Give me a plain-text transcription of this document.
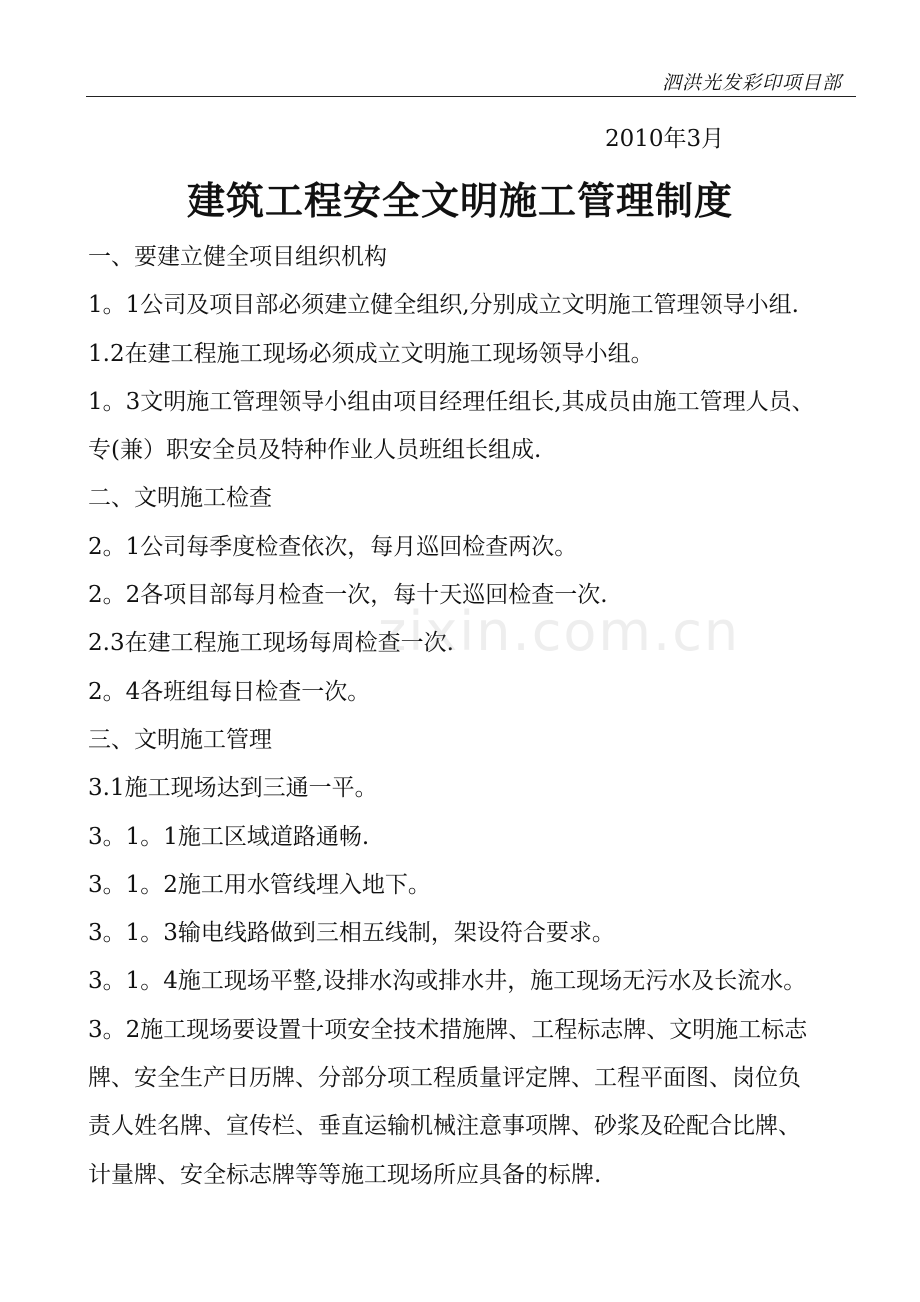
泗洪光发彩印项目部
2010年3月
建筑工程安全文明施工管理制度
一、要建立健全项目组织机构
1。1公司及项目部必须建立健全组织,分别成立文明施工管理领导小组.
1.2在建工程施工现场必须成立文明施工现场领导小组。
1。3文明施工管理领导小组由项目经理任组长,其成员由施工管理人员、
专(兼）职安全员及特种作业人员班组长组成.
二、文明施工检查
2。1公司每季度检查依次，每月巡回检查两次。
2。2各项目部每月检查一次，每十天巡回检查一次.
2.3在建工程施工现场每周检查一次.
2。4各班组每日检查一次。
三、文明施工管理
3.1施工现场达到三通一平。
3。1。1施工区域道路通畅.
3。1。2施工用水管线埋入地下。
3。1。3输电线路做到三相五线制，架设符合要求。
3。1。4施工现场平整,设排水沟或排水井，施工现场无污水及长流水。
3。2施工现场要设置十项安全技术措施牌、工程标志牌、文明施工标志
牌、安全生产日历牌、分部分项工程质量评定牌、工程平面图、岗位负
责人姓名牌、宣传栏、垂直运输机械注意事项牌、砂浆及砼配合比牌、
计量牌、安全标志牌等等施工现场所应具备的标牌.
zixin.com.cn
